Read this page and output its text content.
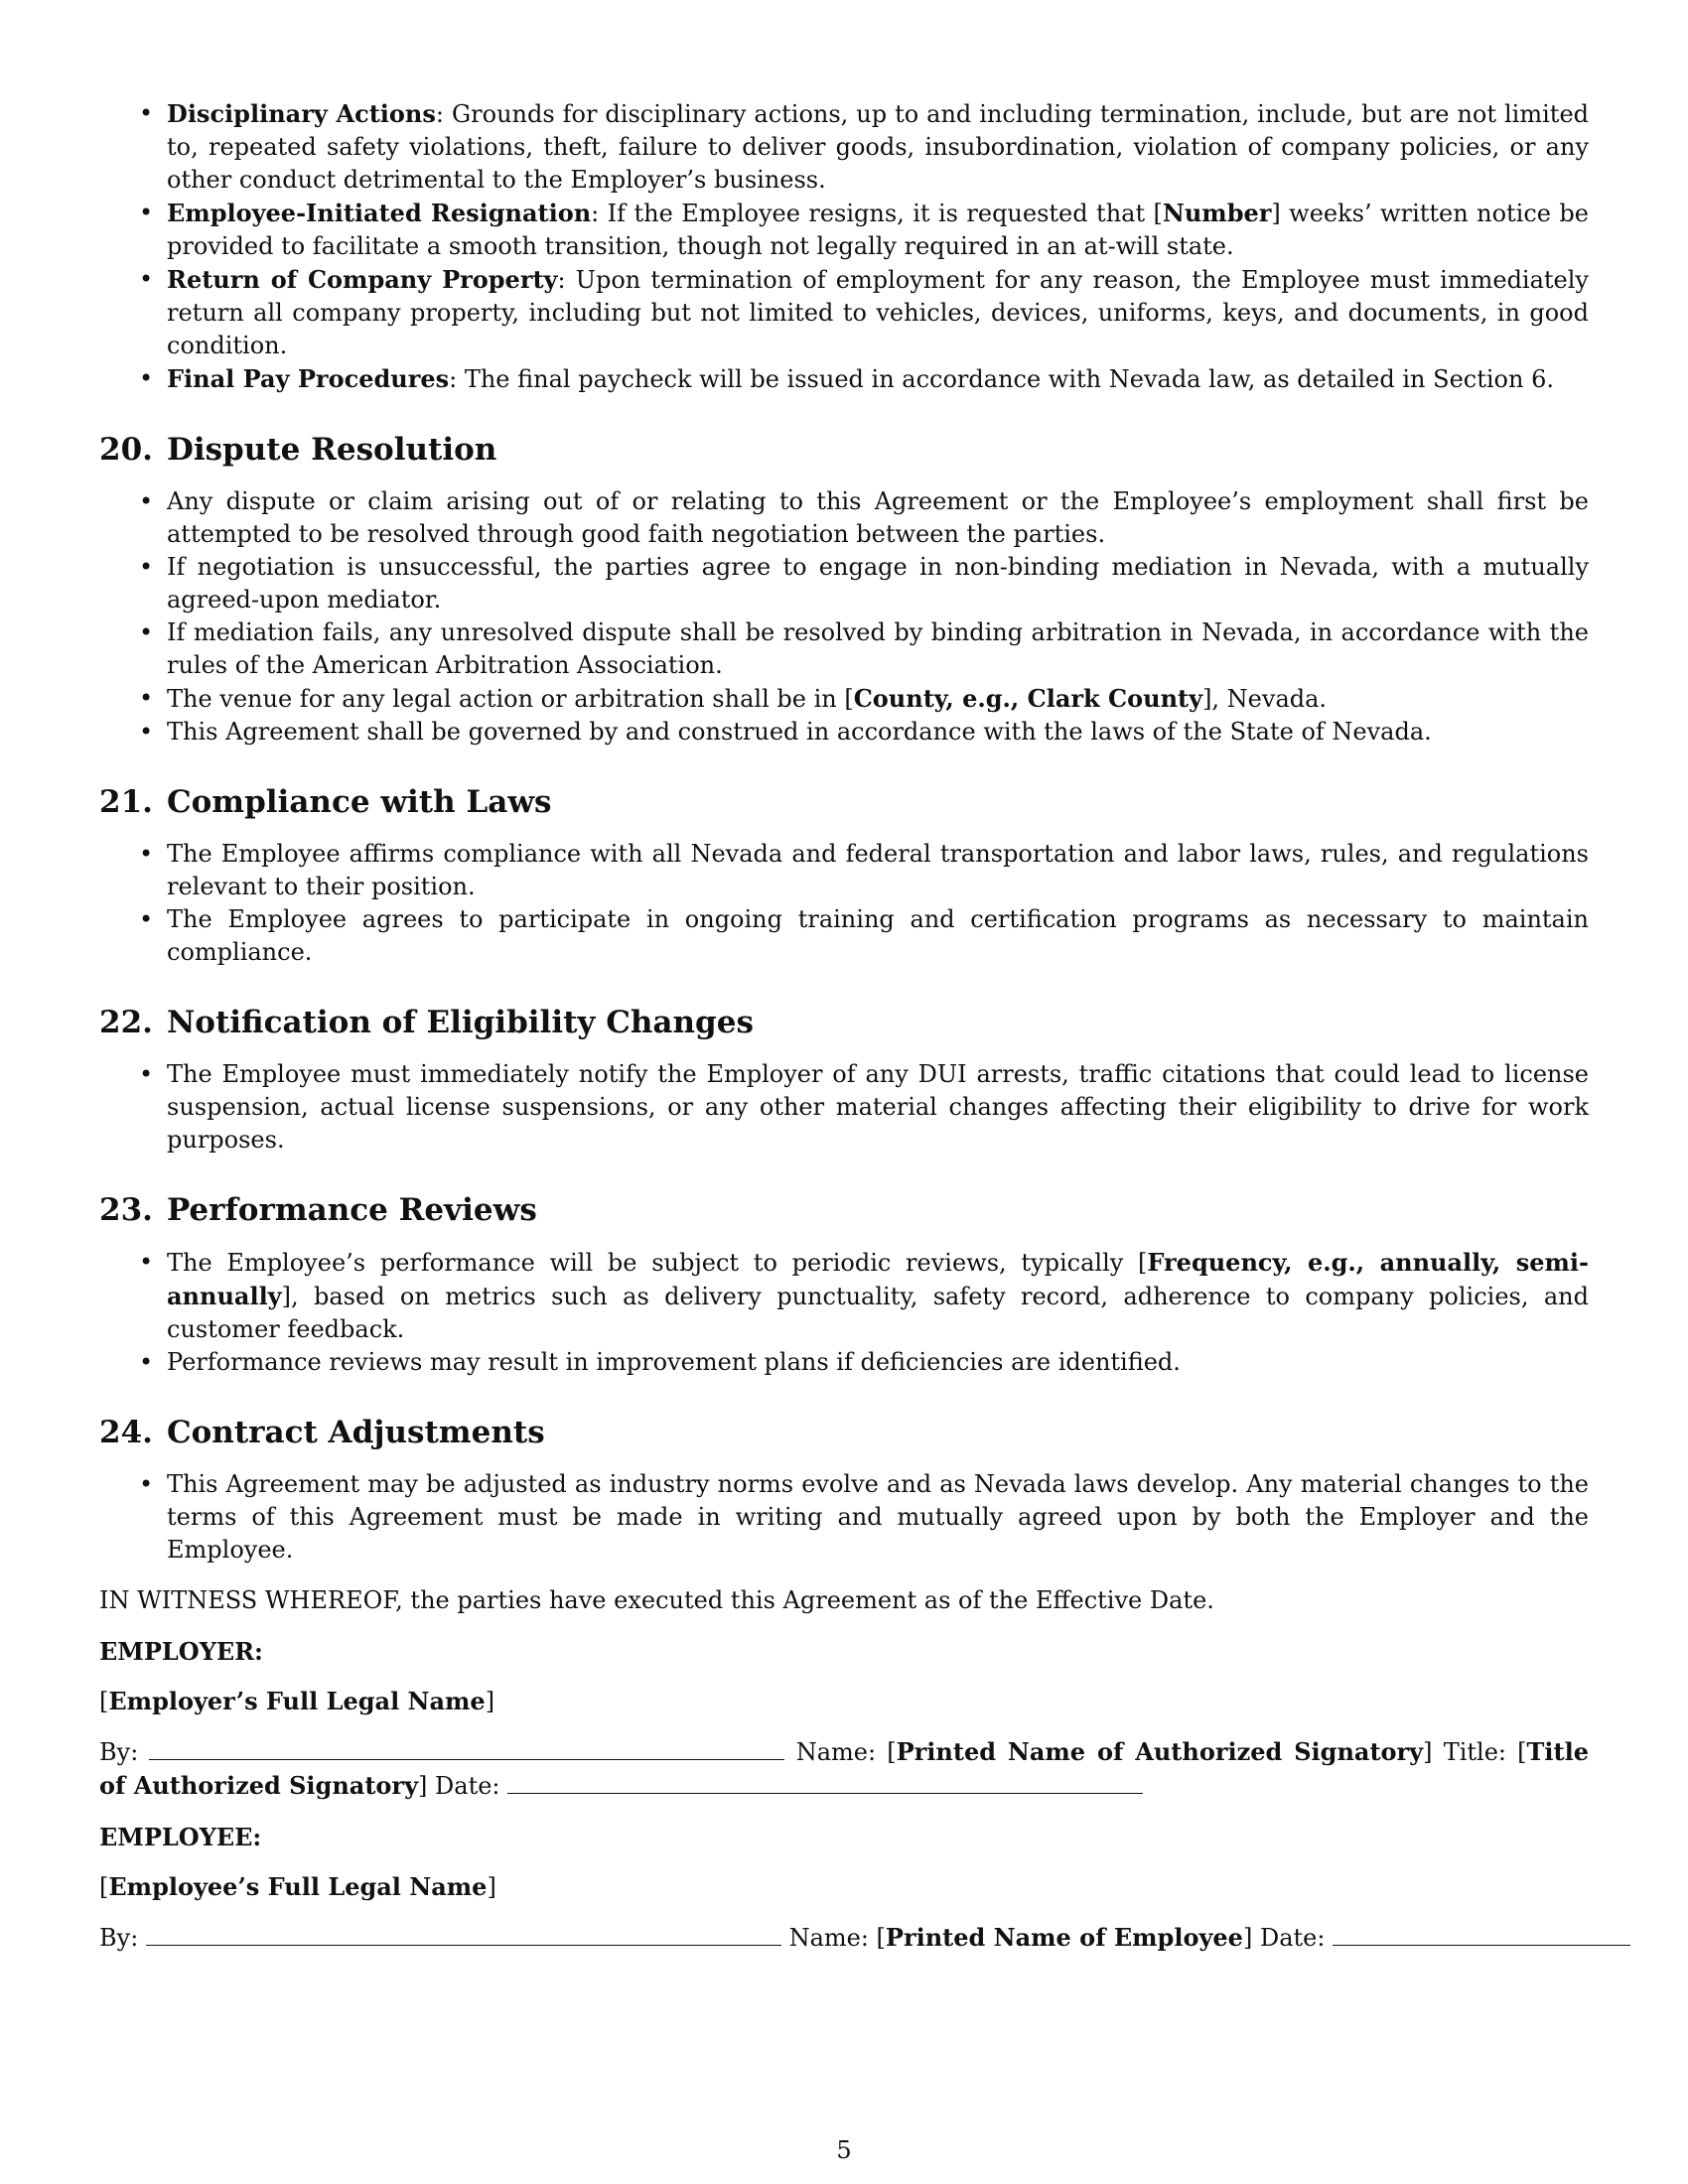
• Disciplinary Actions: Grounds for disciplinary actions, up to and including termination, include, but are not limited to, repeated safety violations, theft, failure to deliver goods, insubordination, violation of company policies, or any other conduct detrimental to the Employer’s business.
• Employee-Initiated Resignation: If the Employee resigns, it is requested that [Number] weeks’ written notice be provided to facilitate a smooth transition, though not legally required in an at-will state.
• Return of Company Property: Upon termination of employment for any reason, the Employee must immediately return all company property, including but not limited to vehicles, devices, uniforms, keys, and documents, in good condition.
• Final Pay Procedures: The final paycheck will be issued in accordance with Nevada law, as detailed in Section 6.
20. Dispute Resolution
• Any dispute or claim arising out of or relating to this Agreement or the Employee’s employment shall first be attempted to be resolved through good faith negotiation between the parties.
• If negotiation is unsuccessful, the parties agree to engage in non-binding mediation in Nevada, with a mutually agreed-upon mediator.
• If mediation fails, any unresolved dispute shall be resolved by binding arbitration in Nevada, in accordance with the rules of the American Arbitration Association.
• The venue for any legal action or arbitration shall be in [County, e.g., Clark County], Nevada.
• This Agreement shall be governed by and construed in accordance with the laws of the State of Nevada.
21. Compliance with Laws
• The Employee affirms compliance with all Nevada and federal transportation and labor laws, rules, and regulations relevant to their position.
• The Employee agrees to participate in ongoing training and certification programs as necessary to maintain compliance.
22. Notification of Eligibility Changes
• The Employee must immediately notify the Employer of any DUI arrests, traffic citations that could lead to license suspension, actual license suspensions, or any other material changes affecting their eligibility to drive for work purposes.
23. Performance Reviews
• The Employee’s performance will be subject to periodic reviews, typically [Frequency, e.g., annually, semi-annually], based on metrics such as delivery punctuality, safety record, adherence to company policies, and customer feedback.
• Performance reviews may result in improvement plans if deficiencies are identified.
24. Contract Adjustments
• This Agreement may be adjusted as industry norms evolve and as Nevada laws develop. Any material changes to the terms of this Agreement must be made in writing and mutually agreed upon by both the Employer and the Employee.

IN WITNESS WHEREOF, the parties have executed this Agreement as of the Effective Date.

EMPLOYER:

[Employer’s Full Legal Name]

By:	Name: [Printed Name of Authorized Signatory] Title: [Title of Authorized Signatory] Date:

EMPLOYEE:

[Employee’s Full Legal Name]

By:	Name: [Printed Name of Employee] Date:

5
